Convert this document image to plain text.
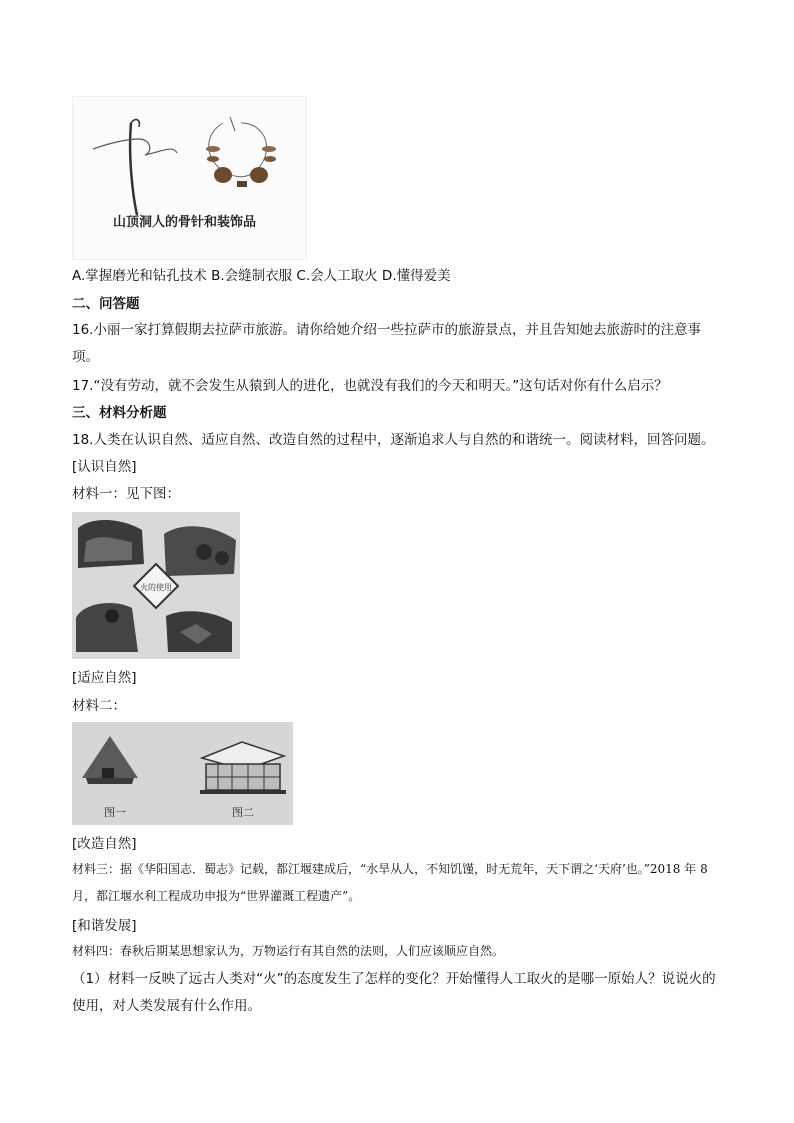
山顶洞人的骨针和装饰品
A.掌握磨光和钻孔技术 B.会缝制衣服 C.会人工取火 D.懂得爱美
二、问答题
16.小丽一家打算假期去拉萨市旅游。请你给她介绍一些拉萨市的旅游景点，并且告知她去旅游时的注意事项。
17.“没有劳动，就不会发生从猿到人的进化，也就没有我们的今天和明天。”这句话对你有什么启示？
三、材料分析题
18.人类在认识自然、适应自然、改造自然的过程中，逐渐追求人与自然的和谐统一。阅读材料，回答问题。
[认识自然]
材料一：见下图：
火的使用
[适应自然]
材料二：
图一	图二
[改造自然]
材料三：据《华阳国志．蜀志》记载，都江堰建成后，“水旱从人，不知饥馑，时无荒年，天下谓之‘天府’也。”2018 年 8 月，都江堰水利工程成功申报为“世界灌溉工程遗产”。
[和谐发展]
材料四：春秋后期某思想家认为，万物运行有其自然的法则，人们应该顺应自然。
（1）材料一反映了远古人类对“火”的态度发生了怎样的变化？开始懂得人工取火的是哪一原始人？说说火的使用，对人类发展有什么作用。
